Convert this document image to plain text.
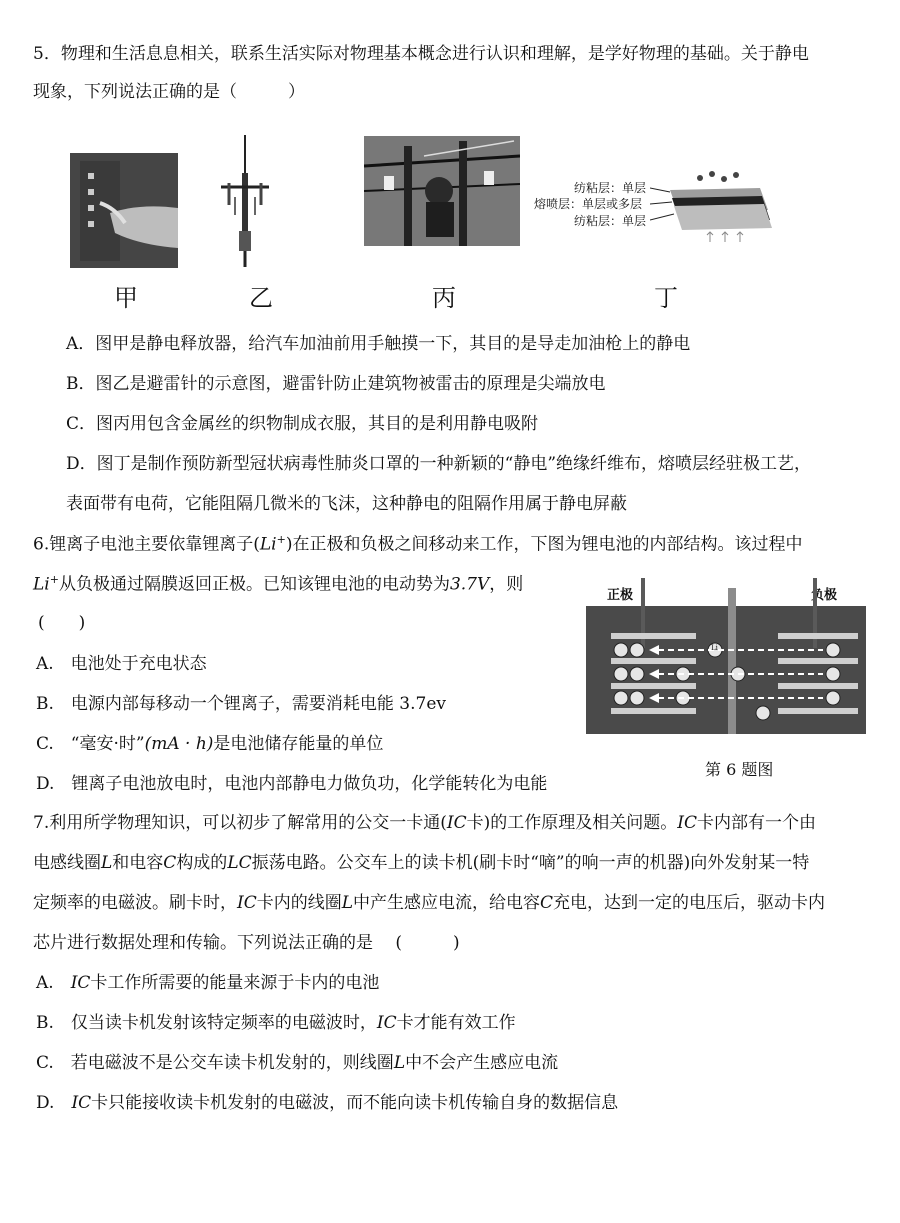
5．物理和生活息息相关，联系生活实际对物理基本概念进行认识和理解，是学好物理的基础。关于静电
现象，下列说法正确的是（　　　）
甲	乙	丙
纺粘层：单层
熔喷层：单层或多层
纺粘层：单层
丁
A．图甲是静电释放器，给汽车加油前用手触摸一下，其目的是导走加油枪上的静电
B．图乙是避雷针的示意图，避雷针防止建筑物被雷击的原理是尖端放电
C．图丙用包含金属丝的织物制成衣服，其目的是利用静电吸附
D．图丁是制作预防新型冠状病毒性肺炎口罩的一种新颖的“静电”绝缘纤维布，熔喷层经驻极工艺，
表面带有电荷，它能阻隔几微米的飞沫，这种静电的阻隔作用属于静电屏蔽
6.锂离子电池主要依靠锂离子(Li+)在正极和负极之间移动来工作，下图为锂电池的内部结构。该过程中
Li+从负极通过隔膜返回正极。已知该锂电池的电动势为3.7V，则
(　　)
正极	负极
Li
第 6 题图
A.　电池处于充电状态
B.　电源内部每移动一个锂离子，需要消耗电能 3.7ev
C.　“毫安·时”(mA · h)是电池储存能量的单位
D.　锂离子电池放电时，电池内部静电力做负功，化学能转化为电能
7.利用所学物理知识，可以初步了解常用的公交一卡通(IC卡)的工作原理及相关问题。IC卡内部有一个由
电感线圈L和电容C构成的LC振荡电路。公交车上的读卡机(刷卡时“嘀”的响一声的机器)向外发射某一特
定频率的电磁波。刷卡时，IC卡内的线圈L中产生感应电流，给电容C充电，达到一定的电压后，驱动卡内
芯片进行数据处理和传输。下列说法正确的是　 (　　　)
A.　IC卡工作所需要的能量来源于卡内的电池
B.　仅当读卡机发射该特定频率的电磁波时，IC卡才能有效工作
C.　若电磁波不是公交车读卡机发射的，则线圈L中不会产生感应电流
D.　IC卡只能接收读卡机发射的电磁波，而不能向读卡机传输自身的数据信息
